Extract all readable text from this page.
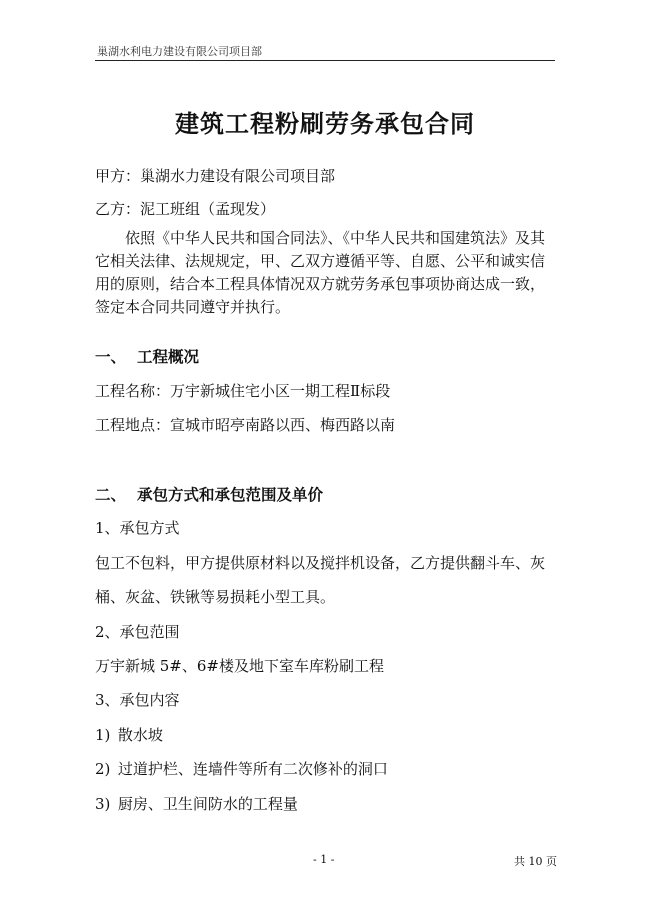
巢湖水利电力建设有限公司项目部
建筑工程粉刷劳务承包合同
甲方：巢湖水力建设有限公司项目部
乙方：泥工班组（孟现发）
依照《中华人民共和国合同法》、《中华人民共和国建筑法》及其
它相关法律、法规规定，甲、乙双方遵循平等、自愿、公平和诚实信
用的原则，结合本工程具体情况双方就劳务承包事项协商达成一致，
签定本合同共同遵守并执行。
一、 工程概况
工程名称：万宇新城住宅小区一期工程Ⅱ标段
工程地点：宣城市昭亭南路以西、梅西路以南
二、 承包方式和承包范围及单价
1、承包方式
包工不包料，甲方提供原材料以及搅拌机设备，乙方提供翻斗车、灰
桶、灰盆、铁锹等易损耗小型工具。
2、承包范围
万宇新城 5#、6#楼及地下室车库粉刷工程
3、承包内容
1) 散水坡
2) 过道护栏、连墙件等所有二次修补的洞口
3) 厨房、卫生间防水的工程量
- 1 -	共 10 页
